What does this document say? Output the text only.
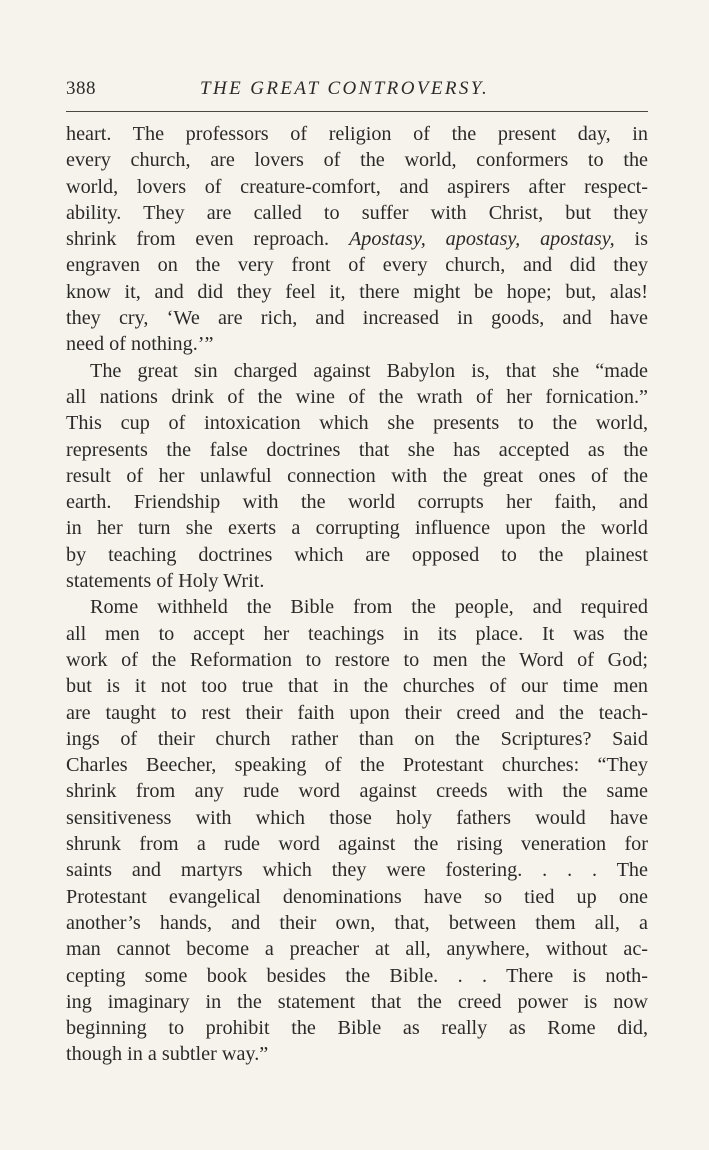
388	THE GREAT CONTROVERSY.
heart. The professors of religion of the present day, in
every church, are lovers of the world, conformers to the
world, lovers of creature-comfort, and aspirers after respect-
ability. They are called to suffer with Christ, but they
shrink from even reproach. Apostasy, apostasy, apostasy, is
engraven on the very front of every church, and did they
know it, and did they feel it, there might be hope; but, alas!
they cry, ‘We are rich, and increased in goods, and have
need of nothing.’”
The great sin charged against Babylon is, that she “made
all nations drink of the wine of the wrath of her fornication.”
This cup of intoxication which she presents to the world,
represents the false doctrines that she has accepted as the
result of her unlawful connection with the great ones of the
earth. Friendship with the world corrupts her faith, and
in her turn she exerts a corrupting influence upon the world
by teaching doctrines which are opposed to the plainest
statements of Holy Writ.
Rome withheld the Bible from the people, and required
all men to accept her teachings in its place. It was the
work of the Reformation to restore to men the Word of God;
but is it not too true that in the churches of our time men
are taught to rest their faith upon their creed and the teach-
ings of their church rather than on the Scriptures? Said
Charles Beecher, speaking of the Protestant churches: “They
shrink from any rude word against creeds with the same
sensitiveness with which those holy fathers would have
shrunk from a rude word against the rising veneration for
saints and martyrs which they were fostering. . . . The
Protestant evangelical denominations have so tied up one
another’s hands, and their own, that, between them all, a
man cannot become a preacher at all, anywhere, without ac-
cepting some book besides the Bible. . . There is noth-
ing imaginary in the statement that the creed power is now
beginning to prohibit the Bible as really as Rome did,
though in a subtler way.”
